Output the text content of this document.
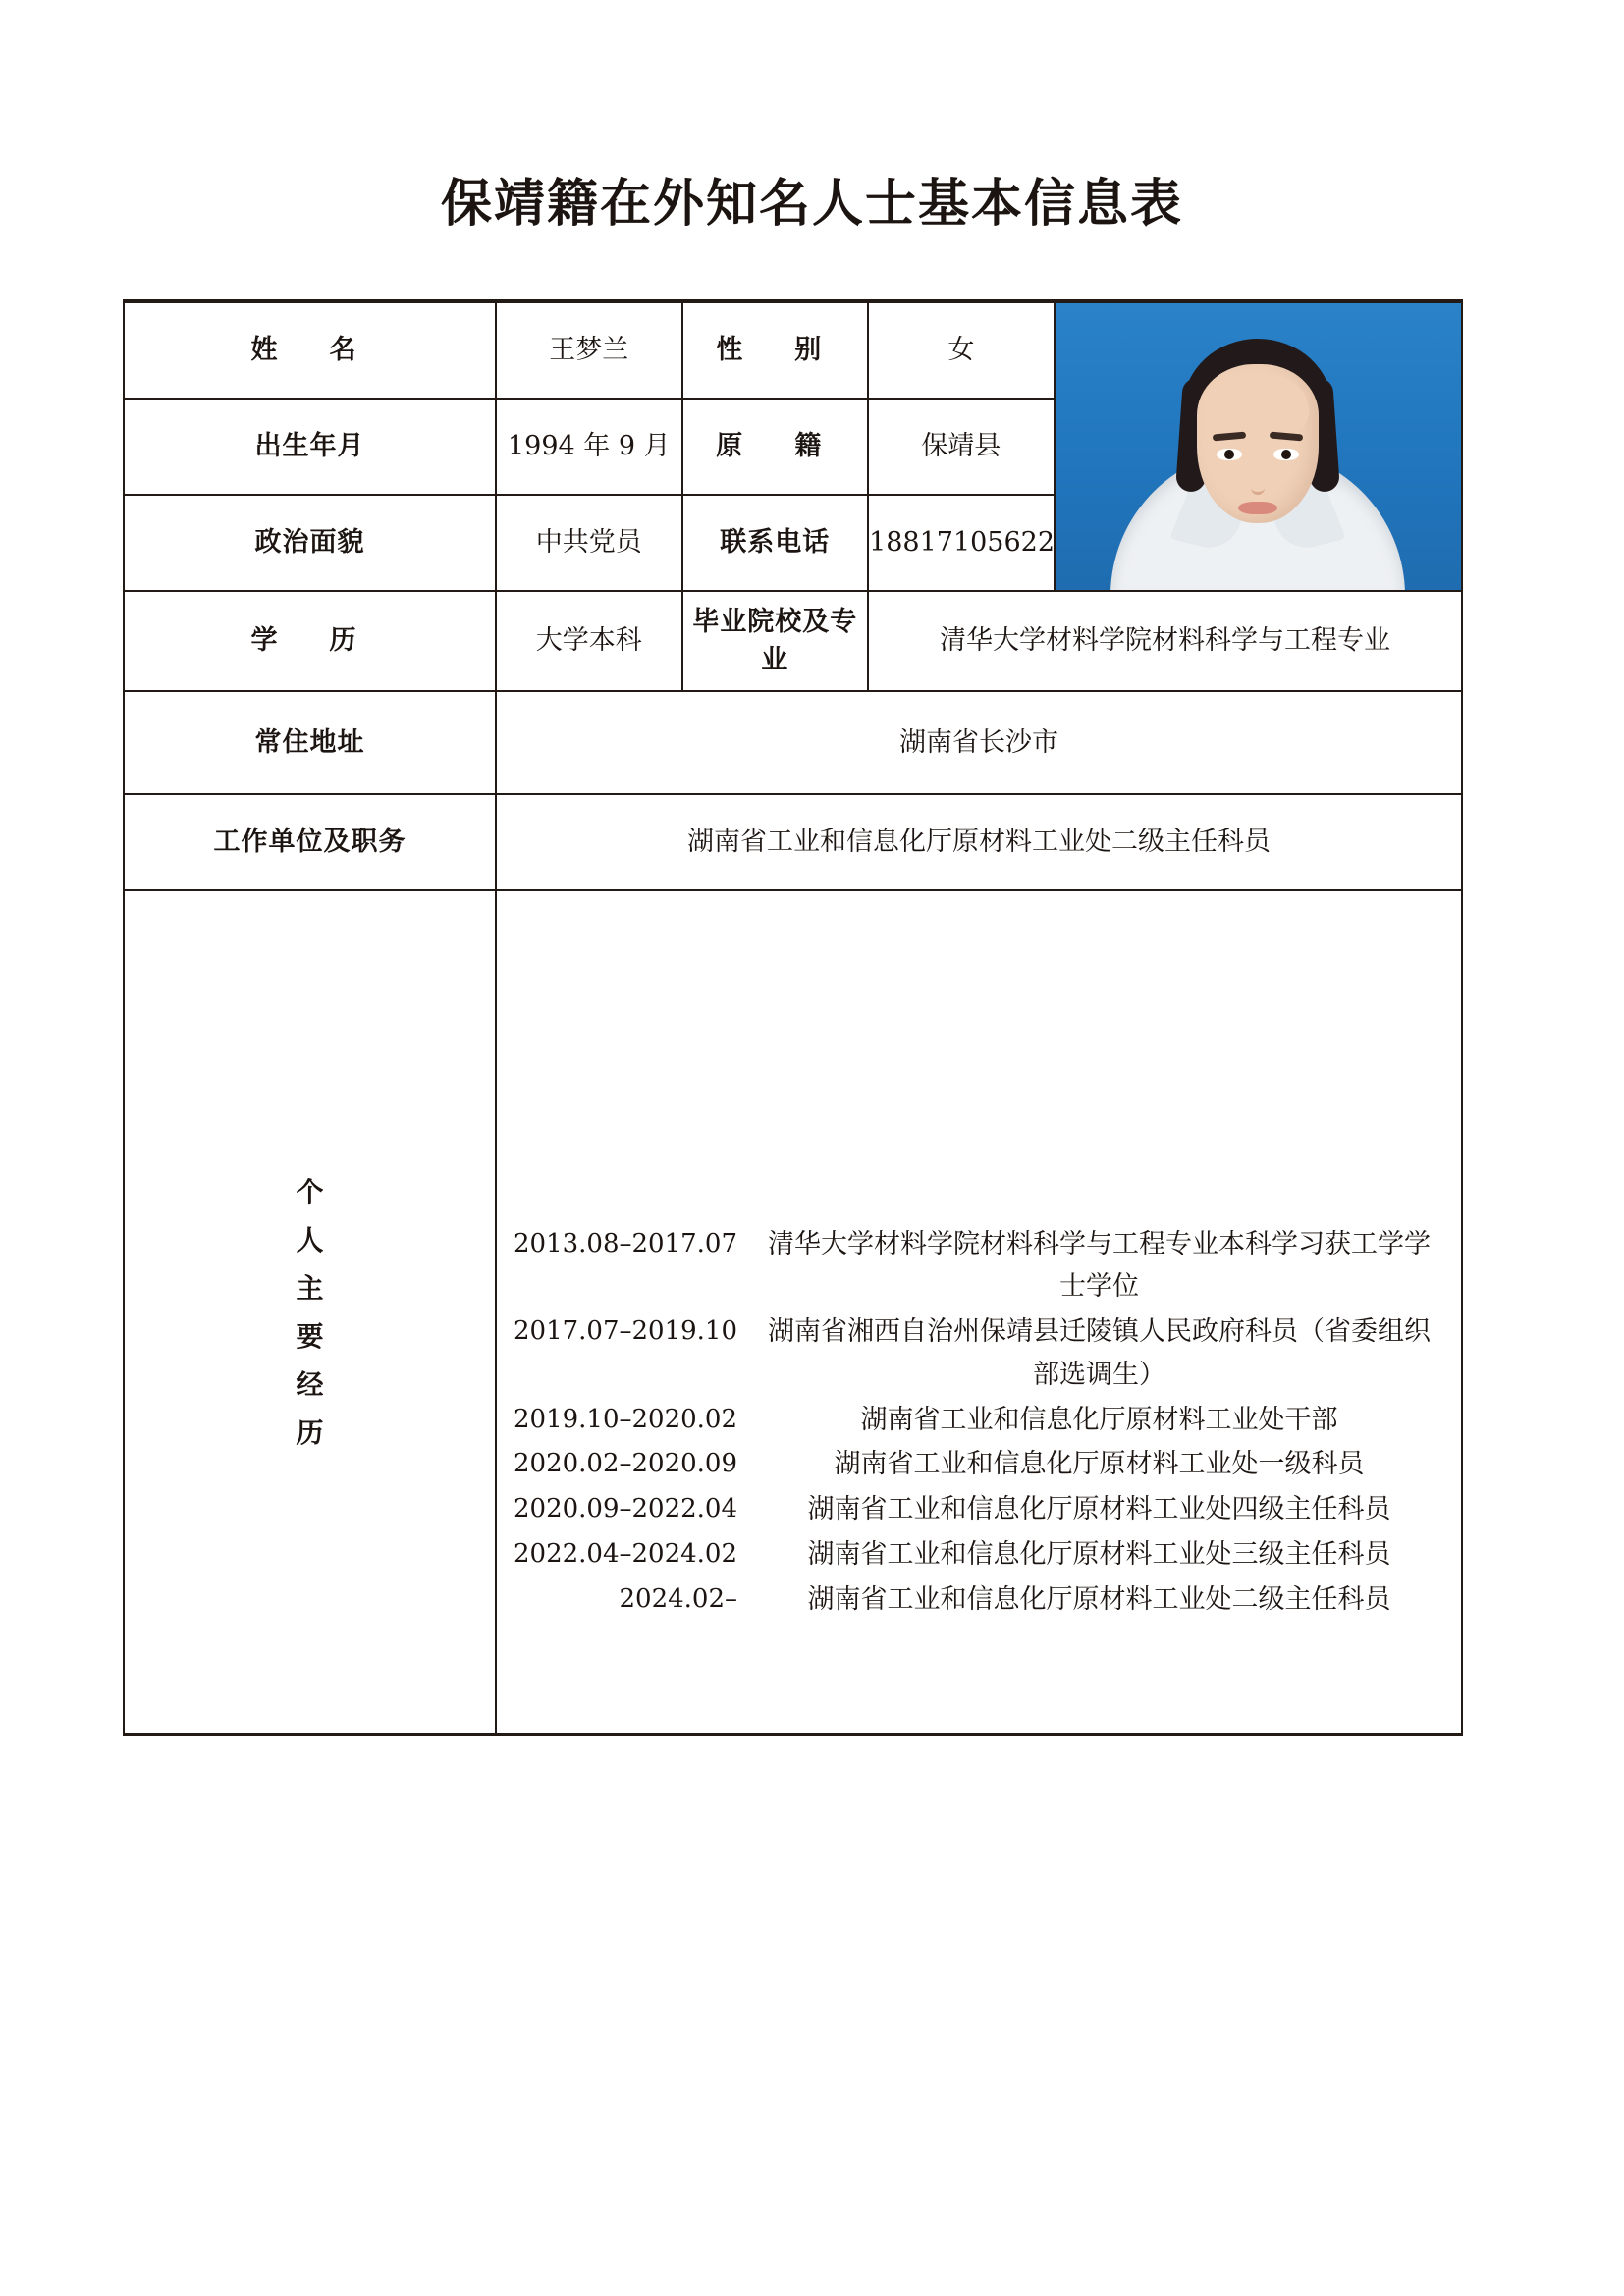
保靖籍在外知名人士基本信息表
姓　名	王梦兰	性　别	女	

出生年月	1994 年 9 月	原　籍	保靖县	
政治面貌	中共党员	联系电话	18817105622	
学　历	大学本科	毕业院校及专业	清华大学材料学院材料科学与工程专业	
常住地址	湖南省长沙市			
工作单位及职务	湖南省工业和信息化厅原材料工业处二级主任科员			

个
人
主
要
经
历

2013.08–2017.07	清华大学材料学院材料科学与工程专业本科学习获工学学士学位
2017.07–2019.10	湖南省湘西自治州保靖县迁陵镇人民政府科员（省委组织部选调生）
2019.10–2020.02	湖南省工业和信息化厅原材料工业处干部
2020.02–2020.09	湖南省工业和信息化厅原材料工业处一级科员
2020.09–2022.04	湖南省工业和信息化厅原材料工业处四级主任科员
2022.04–2024.02	湖南省工业和信息化厅原材料工业处三级主任科员
2024.02–	湖南省工业和信息化厅原材料工业处二级主任科员
